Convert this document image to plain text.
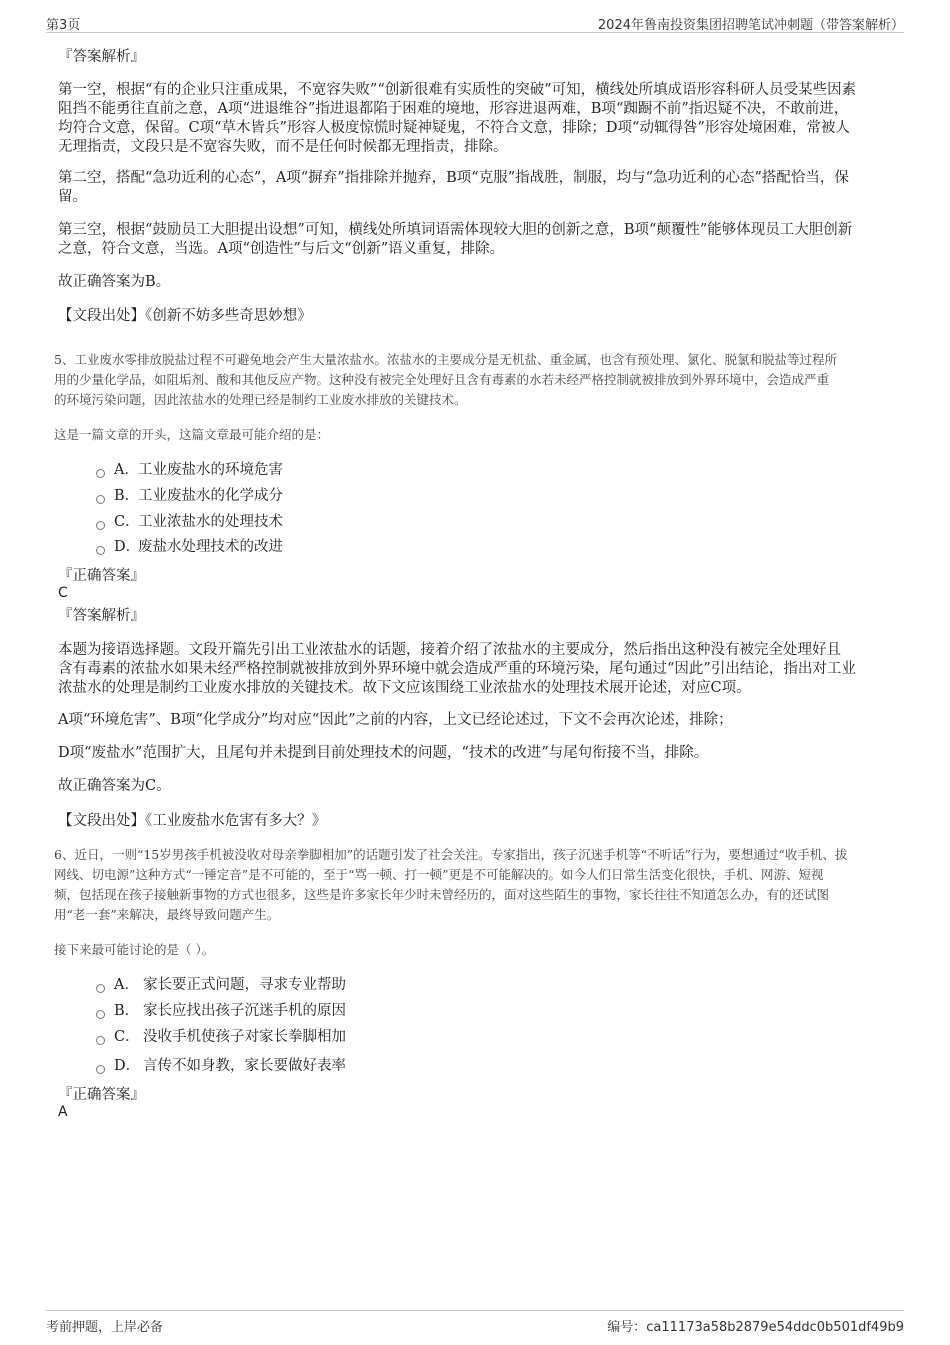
第3页	2024年鲁南投资集团招聘笔试冲刺题（带答案解析）
『答案解析』
第一空，根据“有的企业只注重成果，不宽容失败”“创新很难有实质性的突破”可知，横线处所填成语形容科研人员受某些因素
阻挡不能勇往直前之意，A项“进退维谷”指进退都陷于困难的境地，形容进退两难，B项“踟蹰不前”指迟疑不决，不敢前进，
均符合文意，保留。C项“草木皆兵”形容人极度惊慌时疑神疑鬼，不符合文意，排除；D项“动辄得咎”形容处境困难，常被人
无理指责，文段只是不宽容失败，而不是任何时候都无理指责，排除。
第二空，搭配“急功近利的心态”，A项“摒弃”指排除并抛弃，B项“克服”指战胜，制服，均与“急功近利的心态”搭配恰当，保
留。
第三空，根据“鼓励员工大胆提出设想”可知，横线处所填词语需体现较大胆的创新之意，B项“颠覆性”能够体现员工大胆创新
之意，符合文意，当选。A项“创造性”与后文“创新”语义重复，排除。
故正确答案为B。
【文段出处】《创新不妨多些奇思妙想》
5、工业废水零排放脱盐过程不可避免地会产生大量浓盐水。浓盐水的主要成分是无机盐、重金属，也含有预处理、氯化、脱氯和脱盐等过程所
用的少量化学品，如阻垢剂、酸和其他反应产物。这种没有被完全处理好且含有毒素的水若未经严格控制就被排放到外界环境中，会造成严重
的环境污染问题，因此浓盐水的处理已经是制约工业废水排放的关键技术。
这是一篇文章的开头，这篇文章最可能介绍的是：
A． 工业废盐水的环境危害
B．
工业废盐水的化学成分
C．
工业浓盐水的处理技术
D．
废盐水处理技术的改进
『正确答案』
C
『答案解析』
本题为接语选择题。文段开篇先引出工业浓盐水的话题，接着介绍了浓盐水的主要成分，然后指出这种没有被完全处理好且
含有毒素的浓盐水如果未经严格控制就被排放到外界环境中就会造成严重的环境污染，尾句通过“因此”引出结论，指出对工业
浓盐水的处理是制约工业废水排放的关键技术。故下文应该围绕工业浓盐水的处理技术展开论述，对应C项。
A项“环境危害”、B项“化学成分”均对应“因此”之前的内容，上文已经论述过，下文不会再次论述，排除；
D项“废盐水”范围扩大，且尾句并未提到目前处理技术的问题，“技术的改进”与尾句衔接不当，排除。
故正确答案为C。
【文段出处】《工业废盐水危害有多大？》
6、近日，一则“15岁男孩手机被没收对母亲拳脚相加”的话题引发了社会关注。专家指出，孩子沉迷手机等“不听话”行为，要想通过“收手机、拔
网线、切电源”这种方式“一锤定音”是不可能的，至于“骂一顿、打一顿”更是不可能解决的。如今人们日常生活变化很快，手机、网游、短视
频，包括现在孩子接触新事物的方式也很多，这些是许多家长年少时未曾经历的，面对这些陌生的事物，家长往往不知道怎么办，有的还试图
用“老一套”来解决，最终导致问题产生。
接下来最可能讨论的是（ ）。
A． 家长要正式问题，寻求专业帮助
B． 家长应找出孩子沉迷手机的原因
C． 没收手机使孩子对家长拳脚相加
D． 言传不如身教，家长要做好表率
『正确答案』
A
考前押题，上岸必备	编号：ca11173a58b2879e54ddc0b501df49b9
